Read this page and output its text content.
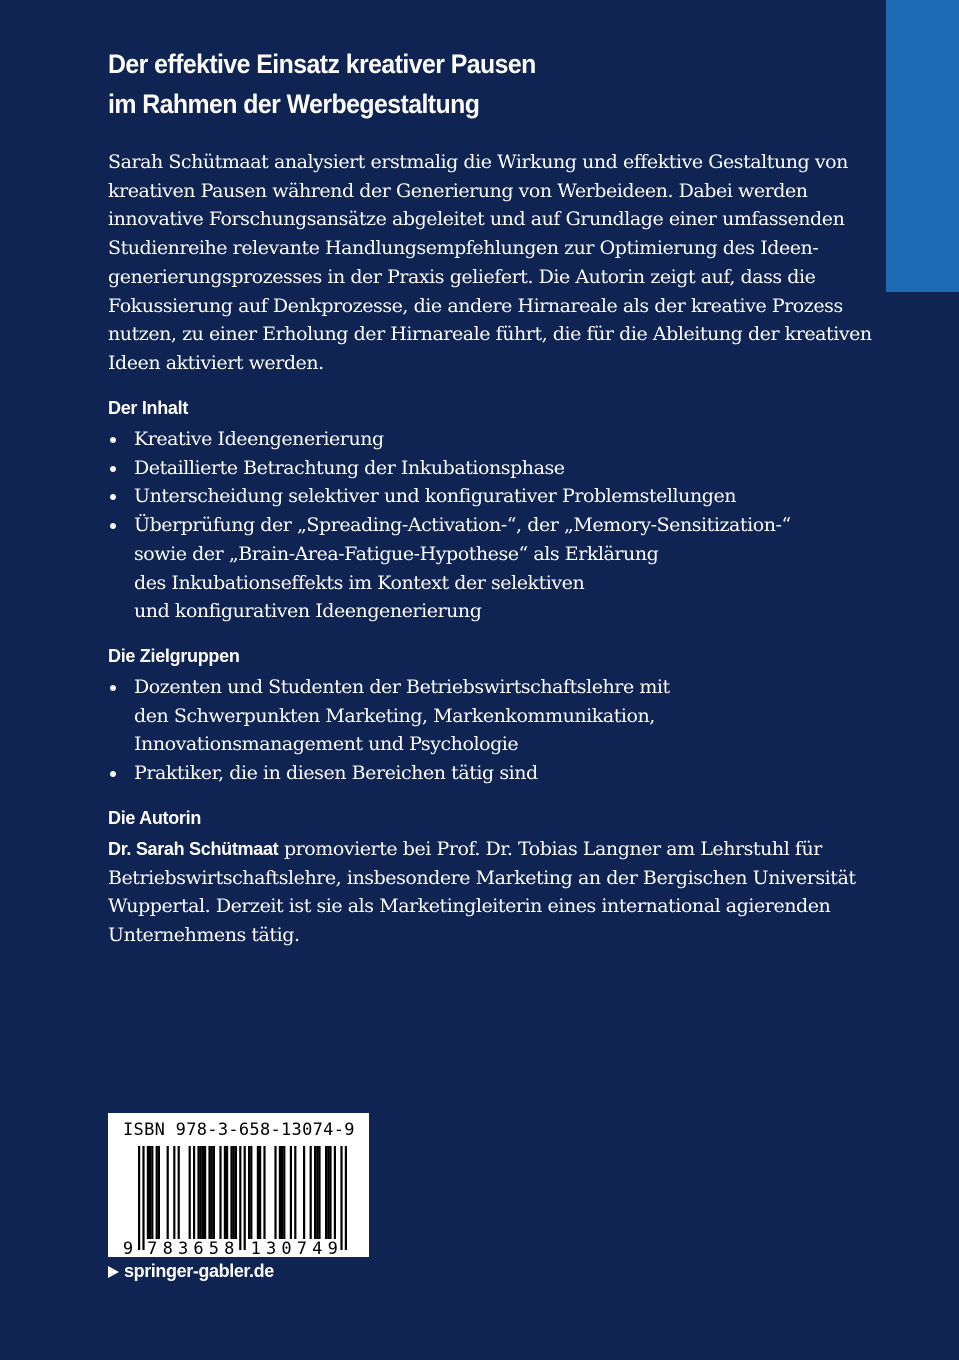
Der effektive Einsatz kreativer Pausen
im Rahmen der Werbegestaltung

Sarah Schütmaat analysiert erstmalig die Wirkung und effektive Gestaltung von
kreativen Pausen während der Generierung von Werbeideen. Dabei werden
innovative Forschungsansätze abgeleitet und auf Grundlage einer umfassenden
Studienreihe relevante Handlungsempfehlungen zur Optimierung des Ideen-
generierungsprozesses in der Praxis geliefert. Die Autorin zeigt auf, dass die
Fokussierung auf Denkprozesse, die andere Hirnareale als der kreative Prozess
nutzen, zu einer Erholung der Hirnareale führt, die für die Ableitung der kreativen
Ideen aktiviert werden.

Der Inhalt
Kreative Ideengenerierung
Detaillierte Betrachtung der Inkubationsphase
Unterscheidung selektiver und konfigurativer Problemstellungen
Überprüfung der „Spreading-Activation-“, der „Memory-Sensitization-“
sowie der „Brain-Area-Fatigue-Hypothese“ als Erklärung
des Inkubationseffekts im Kontext der selektiven
und konfigurativen Ideengenerierung
Die Zielgruppen
Dozenten und Studenten der Betriebswirtschaftslehre mit
den Schwerpunkten Marketing, Markenkommunikation,
Innovationsmanagement und Psychologie
Praktiker, die in diesen Bereichen tätig sind
Die Autorin

Dr. Sarah Schütmaat promovierte bei Prof. Dr. Tobias Langner am Lehrstuhl für
Betriebswirtschaftslehre, insbesondere Marketing an der Bergischen Universität
Wuppertal. Derzeit ist sie als Marketingleiterin eines international agierenden
Unternehmens tätig.

ISBN 978-3-658-13074-9
9 7 8 3 6 5 8 1 3 0 7 4 9
springer-gabler.de
